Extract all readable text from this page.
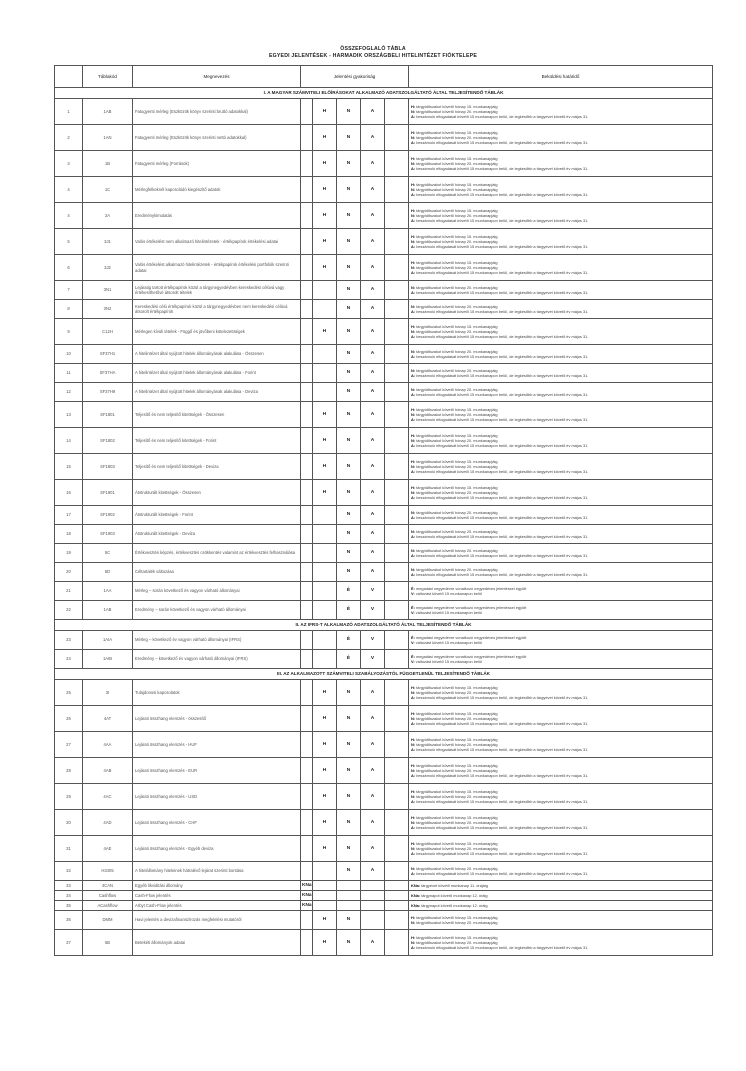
ÖSSZEFOGLALÓ TÁBLA
EGYEDI JELENTÉSEK - HARMADIK ORSZÁGBELI HITELINTÉZET FIÓKTELEPE
	Táblakód	Megnevezés	Jelentési gyakoriság					Beküldési határidő
I. A MAGYAR SZÁMVITELI ELŐÍRÁSOKAT ALKALMAZÓ ADATSZOLGÁLTATÓ ÁLTAL TELJESÍTENDŐ TÁBLÁK								
1	1AB	Fatugyenti mérleg (Eszközök könyv szerinti bruttó adatokkal)		H	N	A		H: tárgyidőszakot követő hónap 15. munkanapjáig
N: tárgyidőszakot követő hónap 20. munkanapjáig
A: beszámoló elfogadását követő 15 munkanapon belül, de legkésőbb a tárgyévet követő év május 31.

2	1AN	Fatugyenti mérleg (Eszközök könyv szerinti nettó adatokkal)		H	N	A		H: tárgyidőszakot követő hónap 15. munkanapjáig
N: tárgyidőszakot követő hónap 20. munkanapjáig
A: beszámoló elfogadását követő 15 munkanapon belül, de legkésőbb a tárgyévet követő év május 31.

3	1B	Fatugyenti mérleg (Források)		H	N	A		H: tárgyidőszakot követő hónap 15. munkanapjáig
N: tárgyidőszakot követő hónap 20. munkanapjáig
A: beszámoló elfogadását követő 15 munkanapon belül, de legkésőbb a tárgyévet követő év május 31.

4	1C	Mérlegfelkeknél kapcsolódó kiegészítő adatok		H	N	A		H: tárgyidőszakot követő hónap 15. munkanapjáig
N: tárgyidőszakot követő hónap 20. munkanapjáig
A: beszámoló elfogadását követő 15 munkanapon belül, de legkésőbb a tárgyévet követő év május 31.

4	2A	Eredménykimutatás		H	N	A		H: tárgyidőszakot követő hónap 15. munkanapjáig
N: tárgyidőszakot követő hónap 20. munkanapjáig
A: beszámoló elfogadását követő 15 munkanapon belül, de legkésőbb a tárgyévet követő év május 31.

5	3J1	Valós értékelést nem alkalmazó hitelintézetek - értékpapírok értékelési adatai		H	N	A		H: tárgyidőszakot követő hónap 15. munkanapjáig
N: tárgyidőszakot követő hónap 20. munkanapjáig
A: beszámoló elfogadását követő 15 munkanapon belül, de legkésőbb a tárgyévet követő év május 31.

6	3J2	Valós értékelést alkalmazó hitelintézetek - értékpapírok értékelési portfoliók szerinti adatai		H	N	A		H: tárgyidőszakot követő hónap 15. munkanapjáig
N: tárgyidőszakot követő hónap 20. munkanapjáig
A: beszámoló elfogadását követő 15 munkanapon belül, de legkésőbb a tárgyévet követő év május 31.

7	3N1	Lejáratig tartott értékpapírok közül a tárgynegyedévben kereskedési célúvá vagy értékesíthetővé átsorolt tételek			N	A		N: tárgyidőszakot követő hónap 20. munkanapjáig
A: beszámoló elfogadását követő 15 munkanapon belül, de legkésőbb a tárgyévet követő év május 31.

8	3N2	Kereskedési célú értékpapírok közül a tárgynegyedévben nem kereskedési célúvá átsorolt értékpapírok			N	A		N: tárgyidőszakot követő hónap 20. munkanapjáig
A: beszámoló elfogadását követő 15 munkanapon belül, de legkésőbb a tárgyévet követő év május 31.

9	C12H	Mérlegen kívüli tételek - Függő és jövőbeni kötelezettségek		H	N	A		H: tárgyidőszakot követő hónap 15. munkanapjáig
N: tárgyidőszakot követő hónap 20. munkanapjáig
A: beszámoló elfogadását követő 15 munkanapon belül, de legkésőbb a tárgyévet követő év május 31.

10	SF37H1	A hitelintézet által nyújtott hitelek állományának alakulása - Összesen			N	A		N: tárgyidőszakot követő hónap 20. munkanapjáig
A: beszámoló elfogadását követő 15 munkanapon belül, de legkésőbb a tárgyévet követő év május 31.

11	SF37HA	A hitelintézet által nyújtott hitelek állományának alakulása - Forint			N	A		N: tárgyidőszakot követő hónap 20. munkanapjáig
A: beszámoló elfogadását követő 15 munkanapon belül, de legkésőbb a tárgyévet követő év május 31.

12	SF37H9	A hitelintézet által nyújtott hitelek állományának alakulása - Deviza			N	A		N: tárgyidőszakot követő hónap 20. munkanapjáig
A: beszámoló elfogadását követő 15 munkanapon belül, de legkésőbb a tárgyévet követő év május 31.

13	SF1801	Teljesítő és nem teljesítő kitettségek - Összesen		H	N	A		H: tárgyidőszakot követő hónap 15. munkanapjáig
N: tárgyidőszakot követő hónap 20. munkanapjáig
A: beszámoló elfogadását követő 15 munkanapon belül, de legkésőbb a tárgyévet követő év május 31.

14	SF1802	Teljesítő és nem teljesítő kitettségek - Forint		H	N	A		H: tárgyidőszakot követő hónap 15. munkanapjáig
N: tárgyidőszakot követő hónap 20. munkanapjáig
A: beszámoló elfogadását követő 15 munkanapon belül, de legkésőbb a tárgyévet követő év május 31.

15	SF1803	Teljesítő és nem teljesítő kitettségek - Deviza		H	N	A		H: tárgyidőszakot követő hónap 15. munkanapjáig
N: tárgyidőszakot követő hónap 20. munkanapjáig
A: beszámoló elfogadását követő 15 munkanapon belül, de legkésőbb a tárgyévet követő év május 31.

16	SF1901	Átstrukturált kitettségek - Összesen		H	N	A		H: tárgyidőszakot követő hónap 15. munkanapjáig
N: tárgyidőszakot követő hónap 20. munkanapjáig
A: beszámoló elfogadását követő 15 munkanapon belül, de legkésőbb a tárgyévet követő év május 31.

17	SF1902	Átstrukturált kitettségek - Forint			N	A		N: tárgyidőszakot követő hónap 20. munkanapjáig
A: beszámoló elfogadását követő 15 munkanapon belül, de legkésőbb a tárgyévet követő év május 31.

18	SF1903	Átstrukturált kitettségek - Deviza			N	A		N: tárgyidőszakot követő hónap 20. munkanapjáig
A: beszámoló elfogadását követő 15 munkanapon belül, de legkésőbb a tárgyévet követő év május 31.

19	5C	Értékvesztés képzés, értékvesztés csökkentés valamint az értékvesztés felhasználása			N	A		N: tárgyidőszakot követő hónap 20. munkanapjáig
A: beszámoló elfogadását követő 15 munkanapon belül, de legkésőbb a tárgyévet követő év május 31.

20	5D	Céltartalék változása			N	A		N: tárgyidőszakot követő hónap 20. munkanapjáig
A: beszámoló elfogadását követő 15 munkanapon belül, de legkésőbb a tárgyévet követő év május 31.

21	1AA	Mérleg – során következő és vagyon várható állományai			É	V		É: megadási negyedévre vonatkozó negyedéves jelentéssel együtt
V: változást követő 15 munkanapon belül

22	1AB	Eredmény – során következő és vagyon várható állományai			É	V		É: megadási negyedévre vonatkozó negyedéves jelentéssel együtt
V: változást követő 15 munkanapon belül

II. AZ IFRS-T ALKALMAZÓ ADATSZOLGÁLTATÓ ÁLTAL TELJESÍTENDŐ TÁBLÁK								
23	1AIA	Mérleg – következő év vagyon várható állományai (IFRS)			É	V		É: megadási negyedévre vonatkozó negyedéves jelentéssel együtt
V: változást követő 15 munkanapon belül

24	1AIB	Eredmény – következő év vagyon várható állományai (IFRS)			É	V		É: megadási negyedévre vonatkozó negyedéves jelentéssel együtt
V: változást követő 15 munkanapon belül

III. AZ ALKALMAZOTT SZÁMVITELI SZABÁLYOZÁSTÓL FÜGGETLENÜL TELJESÍTENDŐ TÁBLÁK								
25	3I	Tulajdonosi kapcsolatok		H	N	A		H: tárgyidőszakot követő hónap 15. munkanapjáig
N: tárgyidőszakot követő hónap 20. munkanapjáig
A: beszámoló elfogadását követő 15 munkanapon belül, de legkésőbb a tárgyévet követő év május 31.

26	4AT	Lejárati összhang elemzés - összesítő		H	N	A		H: tárgyidőszakot követő hónap 15. munkanapjáig
N: tárgyidőszakot követő hónap 20. munkanapjáig
A: beszámoló elfogadását követő 15 munkanapon belül, de legkésőbb a tárgyévet követő év május 31.

27	4AA	Lejárati összhang elemzés - HUF		H	N	A		H: tárgyidőszakot követő hónap 15. munkanapjáig
N: tárgyidőszakot követő hónap 20. munkanapjáig
A: beszámoló elfogadását követő 15 munkanapon belül, de legkésőbb a tárgyévet követő év május 31.

28	4AB	Lejárati összhang elemzés - EUR		H	N	A		H: tárgyidőszakot követő hónap 15. munkanapjáig
N: tárgyidőszakot követő hónap 20. munkanapjáig
A: beszámoló elfogadását követő 15 munkanapon belül, de legkésőbb a tárgyévet követő év május 31.

29	4AC	Lejárati összhang elemzés - USD		H	N	A		H: tárgyidőszakot követő hónap 15. munkanapjáig
N: tárgyidőszakot követő hónap 20. munkanapjáig
A: beszámoló elfogadását követő 15 munkanapon belül, de legkésőbb a tárgyévet követő év május 31.

30	4AD	Lejárati összhang elemzés - CHF		H	N	A		H: tárgyidőszakot követő hónap 15. munkanapjáig
N: tárgyidőszakot követő hónap 20. munkanapjáig
A: beszámoló elfogadását követő 15 munkanapon belül, de legkésőbb a tárgyévet követő év május 31.

31	4AE	Lejárati összhang elemzés - Egyéb deviza		H	N	A		H: tárgyidőszakot követő hónap 15. munkanapjáig
N: tárgyidőszakot követő hónap 20. munkanapjáig
A: beszámoló elfogadását követő 15 munkanapon belül, de legkésőbb a tárgyévet követő év május 31.

32	H3405	A hitelállomány hiteleinek hátralévő lejárat szerinti bontása			N	A		N: tárgyidőszakot követő hónap 20. munkanapjáig
A: beszámoló elfogadását követő 15 munkanapon belül, de legkésőbb a tárgyévet követő év május 31.

33	4CAN	Egyéb likviditási állomány	KNa					KNa: tárgyévet követő munkanap 11. órájáig

34	Cashflow	Cash-Flow jelentés	KNa					KNa: tárgynapot követő munkanap 12. óráig

35	ACashflow	Arbyt Cash-Flow jelentés	KNa					KNa: tárgynapot követő munkanap 12. óráig

36	DMM	Havi jelentés a devizafinanszírozás megfelelési mutatóról		H	N			H: tárgyidőszakot követő hónap 15. munkanapjáig
N: tárgyidőszakot követő hónap 20. munkanapjáig

37	5B	Betekéti állományok adatai		H	N	A		H: tárgyidőszakot követő hónap 15. munkanapjáig
N: tárgyidőszakot követő hónap 20. munkanapjáig
A: beszámoló elfogadását követő 15 munkanapon belül, de legkésőbb a tárgyévet követő év május 31.
